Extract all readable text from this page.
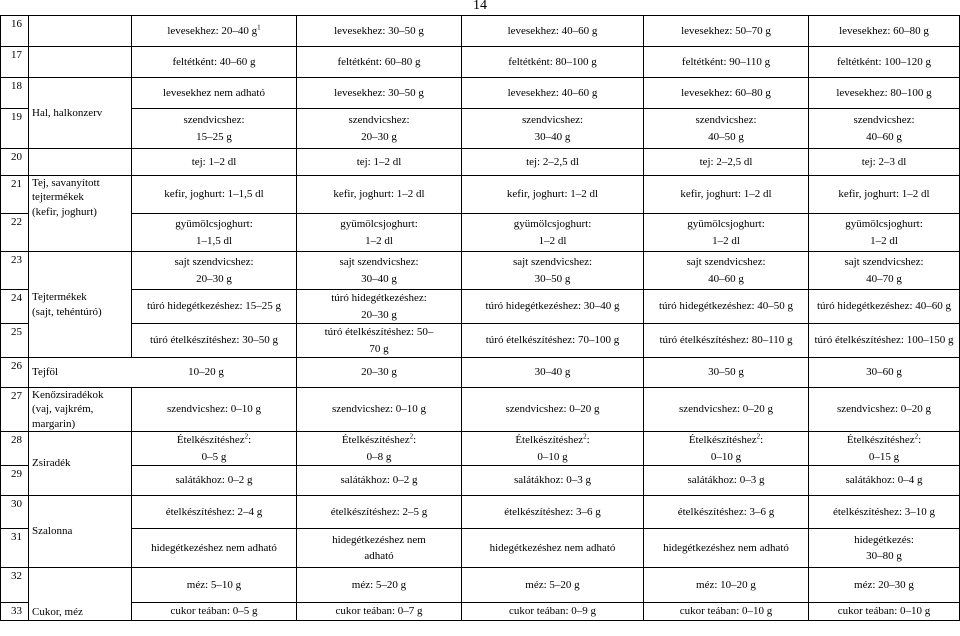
14
16		levesekhez: 20–40 $g^1$	levesekhez: 30–50 g	levesekhez: 40–60 g	levesekhez: 50–70 g	levesekhez: 60–80 g

17		feltétként: 40–60 g	feltétként: 60–80 g	feltétként: 80–100 g	feltétként: 90–110 g	feltétként: 100–120 g

18	Hal, halkonzerv	levesekhez nem adható	levesekhez: 30–50 g	levesekhez: 40–60 g	levesekhez: 60–80 g	levesekhez: 80–100 g

19		szendvicshez:
15–25 g	szendvicshez:
20–30 g	szendvicshez:
30–40 g	szendvicshez:
40–50 g	szendvicshez:
40–60 g

20		tej: 1–2 dl	tej: 1–2 dl	tej: 2–2,5 dl	tej: 2–2,5 dl	tej: 2–3 dl

21	Tej, savanyított
tejtermékek
(kefir, joghurt)	kefir, joghurt: 1–1,5 dl	kefir, joghurt: 1–2 dl	kefir, joghurt: 1–2 dl	kefir, joghurt: 1–2 dl	kefir, joghurt: 1–2 dl

22		gyümölcsjoghurt:
1–1,5 dl	gyümölcsjoghurt:
1–2 dl	gyümölcsjoghurt:
1–2 dl	gyümölcsjoghurt:
1–2 dl	gyümölcsjoghurt:
1–2 dl

23	Tejtermékek
(sajt, tehéntúró)	sajt szendvicshez:
20–30 g	sajt szendvicshez:
30–40 g	sajt szendvicshez:
30–50 g	sajt szendvicshez:
40–60 g	sajt szendvicshez:
40–70 g

24		túró hidegétkezéshez: 15–25 g	túró hidegétkezéshez:
20–30 g	túró hidegétkezéshez: 30–40 g	túró hidegétkezéshez: 40–50 g	túró hidegétkezéshez: 40–60 g

25		túró ételkészítéshez: 30–50 g	túró ételkészítéshez: 50–
70 g	túró ételkészítéshez: 70–100 g	túró ételkészítéshez: 80–110 g	túró ételkészítéshez: 100–150 g

26	Tejföl 10–20 g		20–30 g	30–40 g	30–50 g	30–60 g

27	Kenőzsiradékok
(vaj, vajkrém,
margarin)	szendvicshez: 0–10 g	szendvicshez: 0–10 g	szendvicshez: 0–20 g	szendvicshez: 0–20 g	szendvicshez: 0–20 g

28	Zsiradék	Ételkészítéshez$^2$:
0–5 g	Ételkészítéshez$^2$:
0–8 g	Ételkészítéshez$^2$:
0–10 g	Ételkészítéshez$^2$:
0–10 g	Ételkészítéshez$^2$:
0–15 g

29		salátákhoz: 0–2 g	salátákhoz: 0–2 g	salátákhoz: 0–3 g	salátákhoz: 0–3 g	salátákhoz: 0–4 g

30	Szalonna	ételkészítéshez: 2–4 g	ételkészítéshez: 2–5 g	ételkészítéshez: 3–6 g	ételkészítéshez: 3–6 g	ételkészítéshez: 3–10 g

31		hidegétkezéshez nem adható	hidegétkezéshez nem
adható	hidegétkezéshez nem adható	hidegétkezéshez nem adható	hidegétkezés:
30–80 g

32	Cukor, méz	méz: 5–10 g	méz: 5–20 g	méz: 5–20 g	méz: 10–20 g	méz: 20–30 g

33		cukor teában: 0–5 g	cukor teában: 0–7 g	cukor teában: 0–9 g	cukor teában: 0–10 g	cukor teában: 0–10 g
